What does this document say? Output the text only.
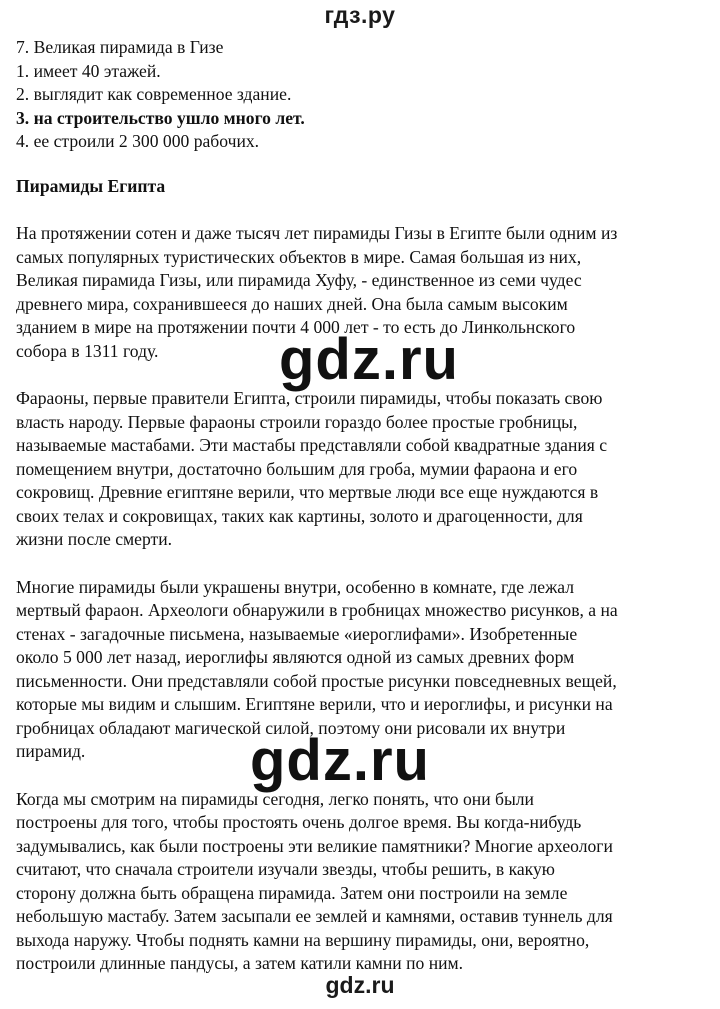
гдз.ру
7. Великая пирамида в Гизе
1. имеет 40 этажей.
2. выглядит как современное здание.
3. на строительство ушло много лет.
4. ее строили 2 300 000 рабочих.
Пирамиды Египта
На протяжении сотен и даже тысяч лет пирамиды Гизы в Египте были одним из
самых популярных туристических объектов в мире. Самая большая из них,
Великая пирамида Гизы, или пирамида Хуфу, - единственное из семи чудес
древнего мира, сохранившееся до наших дней. Она была самым высоким
зданием в мире на протяжении почти 4 000 лет - то есть до Линкольнского
собора в 1311 году.
Фараоны, первые правители Египта, строили пирамиды, чтобы показать свою
власть народу. Первые фараоны строили гораздо более простые гробницы,
называемые мастабами. Эти мастабы представляли собой квадратные здания с
помещением внутри, достаточно большим для гроба, мумии фараона и его
сокровищ. Древние египтяне верили, что мертвые люди все еще нуждаются в
своих телах и сокровищах, таких как картины, золото и драгоценности, для
жизни после смерти.
Многие пирамиды были украшены внутри, особенно в комнате, где лежал
мертвый фараон. Археологи обнаружили в гробницах множество рисунков, а на
стенах - загадочные письмена, называемые «иероглифами». Изобретенные
около 5 000 лет назад, иероглифы являются одной из самых древних форм
письменности. Они представляли собой простые рисунки повседневных вещей,
которые мы видим и слышим. Египтяне верили, что и иероглифы, и рисунки на
гробницах обладают магической силой, поэтому они рисовали их внутри
пирамид.
Когда мы смотрим на пирамиды сегодня, легко понять, что они были
построены для того, чтобы простоять очень долгое время. Вы когда-нибудь
задумывались, как были построены эти великие памятники? Многие археологи
считают, что сначала строители изучали звезды, чтобы решить, в какую
сторону должна быть обращена пирамида. Затем они построили на земле
небольшую мастабу. Затем засыпали ее землей и камнями, оставив туннель для
выхода наружу. Чтобы поднять камни на вершину пирамиды, они, вероятно,
построили длинные пандусы, а затем катили камни по ним.
gdz.ru
gdz.ru
gdz.ru
